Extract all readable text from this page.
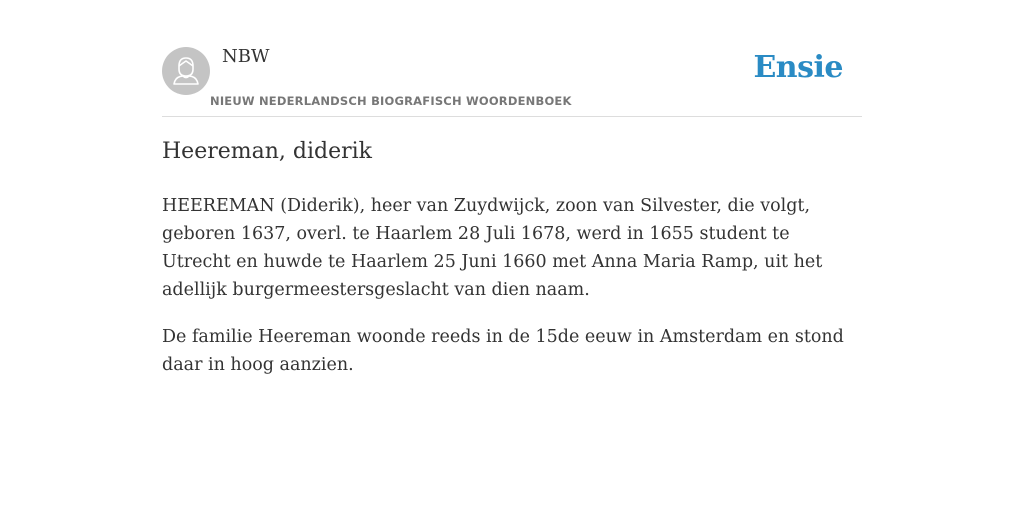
NBW
NIEUW NEDERLANDSCH BIOGRAFISCH WOORDENBOEK
Ensie
Heereman, diderik

HEEREMAN (Diderik), heer van Zuydwijck, zoon van Silvester, die volgt, geboren 1637, overl. te Haarlem 28 Juli 1678, werd in 1655 student te Utrecht en huwde te Haarlem 25 Juni 1660 met Anna Maria Ramp, uit het adellijk burgermeestersgeslacht van dien naam.

De familie Heereman woonde reeds in de 15de eeuw in Amsterdam en stond daar in hoog aanzien.
